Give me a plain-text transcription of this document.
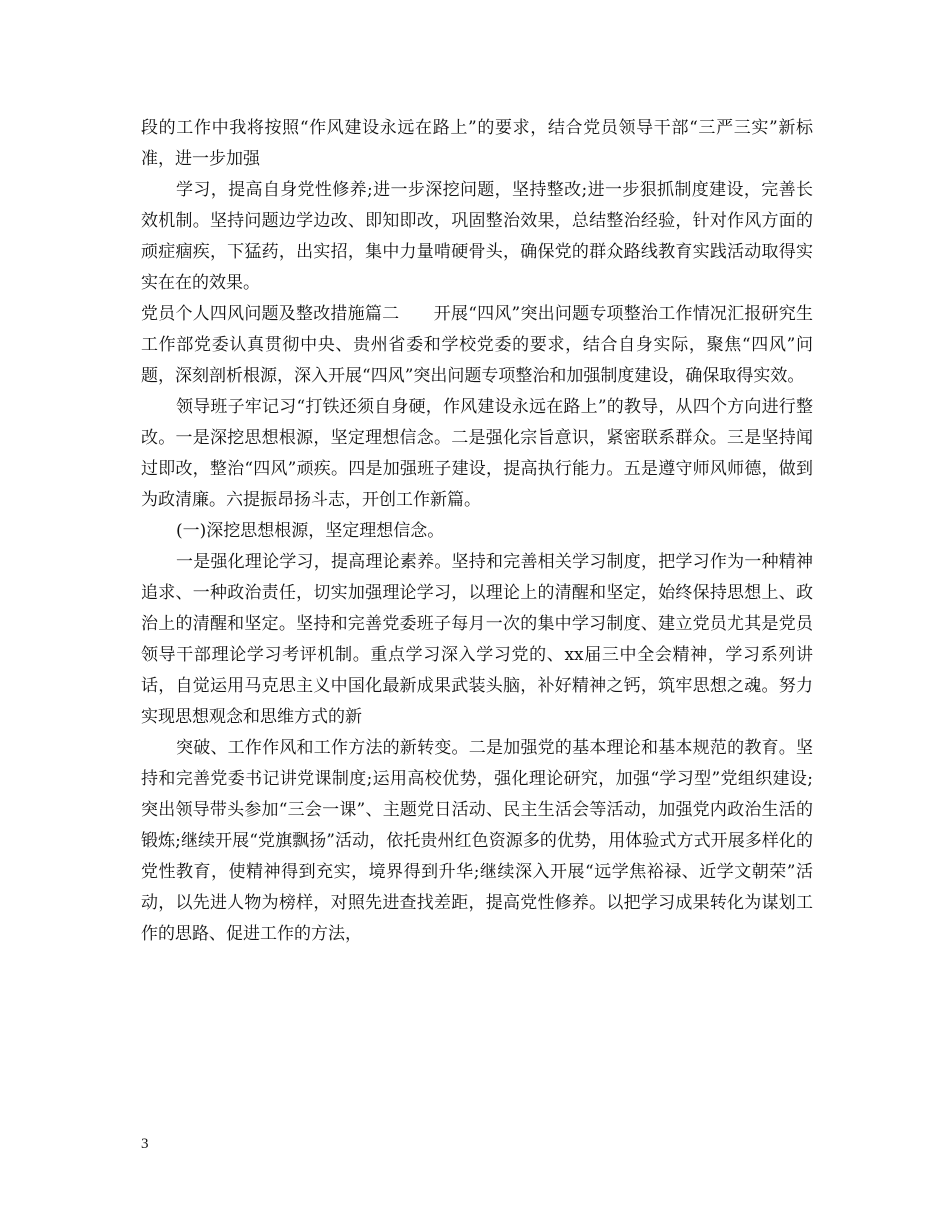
段的工作中我将按照“作风建设永远在路上”的要求，结合党员领导干部“三严三实”新标准，进一步加强

学习，提高自身党性修养;进一步深挖问题，坚持整改;进一步狠抓制度建设，完善长效机制。坚持问题边学边改、即知即改，巩固整治效果，总结整治经验，针对作风方面的顽症痼疾，下猛药，出实招，集中力量啃硬骨头，确保党的群众路线教育实践活动取得实实在在的效果。

党员个人四风问题及整改措施篇二　　开展“四风”突出问题专项整治工作情况汇报研究生工作部党委认真贯彻中央、贵州省委和学校党委的要求，结合自身实际，聚焦“四风”问题，深刻剖析根源，深入开展“四风”突出问题专项整治和加强制度建设，确保取得实效。

领导班子牢记习“打铁还须自身硬，作风建设永远在路上”的教导，从四个方向进行整改。一是深挖思想根源，坚定理想信念。二是强化宗旨意识，紧密联系群众。三是坚持闻过即改，整治“四风”顽疾。四是加强班子建设，提高执行能力。五是遵守师风师德，做到为政清廉。六提振昂扬斗志，开创工作新篇。

(一)深挖思想根源，坚定理想信念。

一是强化理论学习，提高理论素养。坚持和完善相关学习制度，把学习作为一种精神追求、一种政治责任，切实加强理论学习，以理论上的清醒和坚定，始终保持思想上、政治上的清醒和坚定。坚持和完善党委班子每月一次的集中学习制度、建立党员尤其是党员领导干部理论学习考评机制。重点学习深入学习党的、xx届三中全会精神，学习系列讲话，自觉运用马克思主义中国化最新成果武装头脑，补好精神之钙，筑牢思想之魂。努力实现思想观念和思维方式的新

突破、工作作风和工作方法的新转变。二是加强党的基本理论和基本规范的教育。坚持和完善党委书记讲党课制度;运用高校优势，强化理论研究，加强“学习型”党组织建设;突出领导带头参加“三会一课”、主题党日活动、民主生活会等活动，加强党内政治生活的锻炼;继续开展“党旗飘扬”活动，依托贵州红色资源多的优势，用体验式方式开展多样化的党性教育，使精神得到充实，境界得到升华;继续深入开展“远学焦裕禄、近学文朝荣”活动，以先进人物为榜样，对照先进查找差距，提高党性修养。以把学习成果转化为谋划工作的思路、促进工作的方法，

3
